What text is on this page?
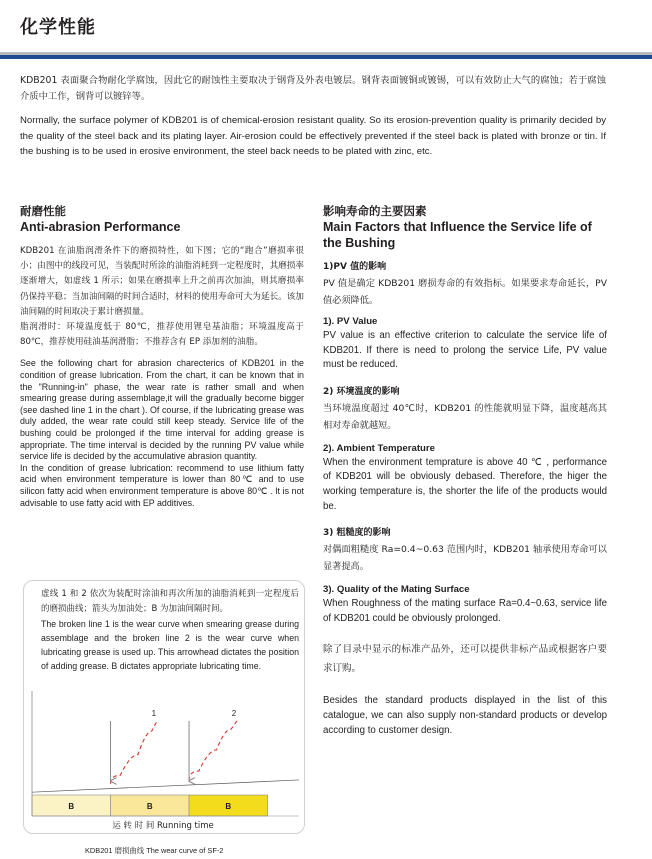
化学性能

KDB201 表面聚合物耐化学腐蚀，因此它的耐蚀性主要取决于钢背及外表电镀层。钢背表面镀铜或镀锡，可以有效防止大气的腐蚀；若于腐蚀介质中工作，钢背可以镀锌等。

Normally, the surface polymer of KDB201 is of chemical-erosion resistant quality. So its erosion-prevention quality is primarily decided by the quality of the steel back and its plating layer. Air-erosion could be effectively prevented if the steel back is plated with bronze or tin. If the bushing is to be used in erosive environment, the steel back needs to be plated with zinc, etc.

耐磨性能

Anti-abrasion Performance

KDB201 在油脂润滑条件下的磨损特性，如下图；它的“跑合”磨损率很小；由图中的线段可见，当装配时所涂的油脂消耗到一定程度时，其磨损率逐渐增大，如虚线 1 所示；如果在磨损率上升之前再次加油，则其磨损率仍保持平稳；当加油间隔的时间合适时，材料的使用寿命可大为延长。该加油间隔的时间取决于累计磨损量。

脂润滑时：环境温度低于 80℃，推荐使用锂皂基油脂；环境温度高于 80℃，推荐使用硅油基润滑脂；不推荐含有 EP 添加剂的油脂。

See the following chart for abrasion charecterics of KDB201 in the condition of grease lubrication. From the chart, it can be known that in the "Running-in" phase, the wear rate is rather small and when smearing grease during assemblage,it will the gradually become bigger (see dashed line 1 in the chart ). Of course, if the lubricating grease was duly added, the wear rate could still keep steady. Service life of the bushing could be prolonged if the time interval for adding grease is appropriate. The time interval is decided by the running PV value while service life is decided by the accumulative abrasion quantity.

In the condition of grease lubrication: recommend to use lithium fatty acid when environment temperature is lower than 80℃ and to use silicon fatty acid when environment temperature is above 80℃ . It is not advisable to use fatty acid with EP additives.

虚线 1 和 2 依次为装配时涂油和再次所加的油脂消耗到一定程度后的磨损曲线；箭头为加油处；B 为加油间隔时间。

The broken line 1 is the wear curve when smearing grease during assemblage and the broken line 2 is the wear curve when lubricating grease is used up. This arrowhead dictates the position of adding grease. B dictates appropriate lubricating time.

B	B	B
1	2
运 转 时 间 Running time
KDB201 磨损曲线 The wear curve of SF-2

影响寿命的主要因素

Main Factors that Influence the Service life of the Bushing

1)PV 值的影响

PV 值是确定 KDB201 磨损寿命的有效指标。如果要求寿命延长，PV 值必须降低。

1). PV Value

PV value is an effective criterion to calculate the service life of KDB201. If there is need to prolong the service Life, PV value must be reduced.

2) 环境温度的影响

当环境温度超过 40℃时，KDB201 的性能就明显下降，温度越高其相对寿命就越短。

2). Ambient Temperature

When the environment temprature is above 40 ℃ , performance of KDB201 will be obviously debased. Therefore, the higer the working temperature is, the shorter the life of the products would be.

3) 粗糙度的影响

对偶面粗糙度 Ra=0.4~0.63 范围内时，KDB201 轴承使用寿命可以显著提高。

3). Quality of the Mating Surface

When Roughness of the mating surface Ra=0.4~0.63, service life of KDB201 could be obviously prolonged.

除了目录中显示的标准产品外，还可以提供非标产品或根据客户要求订购。

Besides the standard products displayed in the list of this catalogue, we can also supply non-standard products or develop according to customer design.
